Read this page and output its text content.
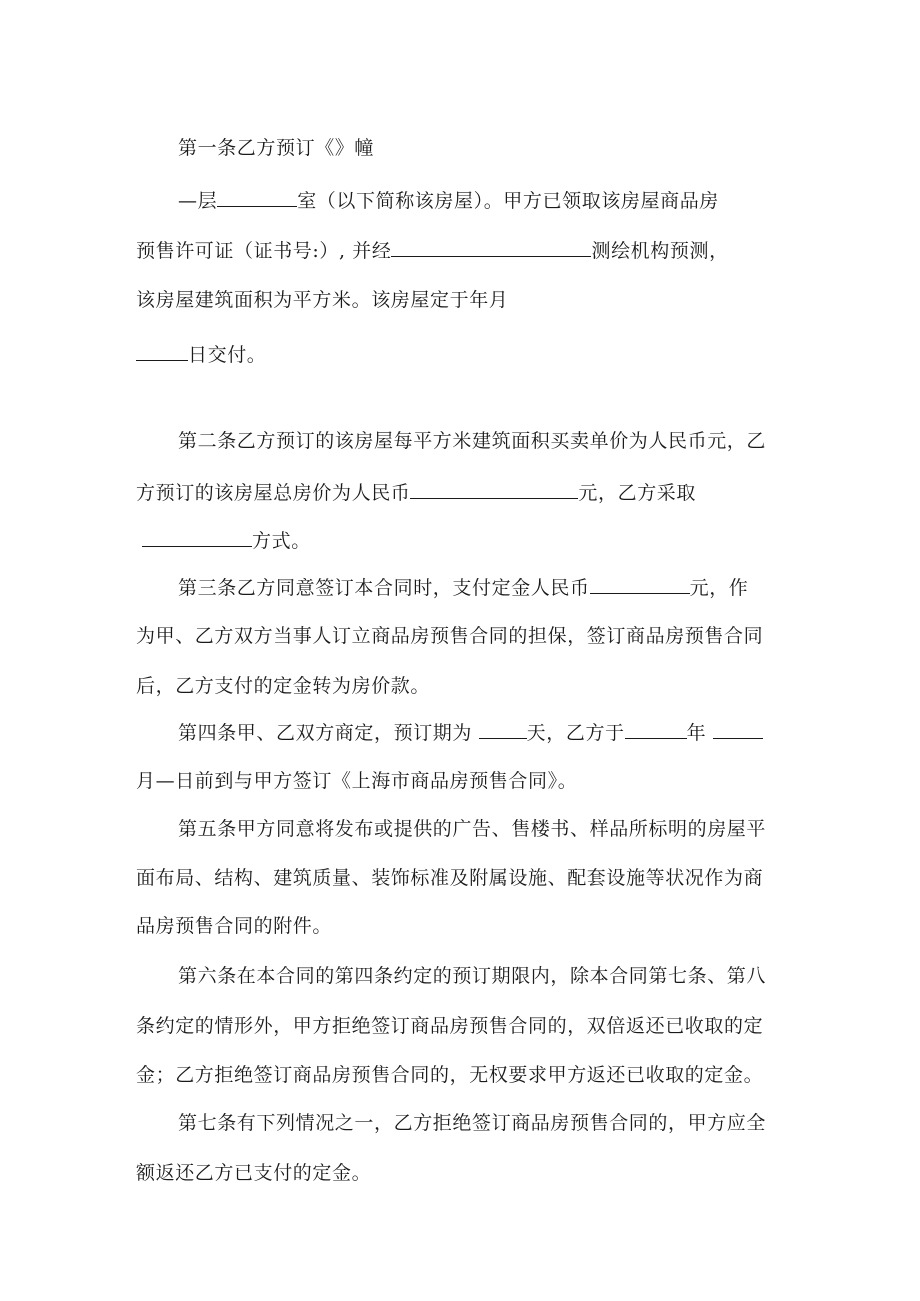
第一条乙方预订《》幢
—层	室（以下简称该房屋）。甲方已领取该房屋商品房
预售许可证（证书号:）, 并经	测绘机构预测，
该房屋建筑面积为平方米。该房屋定于年月
日交付。
第二条乙方预订的该房屋每平方米建筑面积买卖单价为人民币元，乙
方预订的该房屋总房价为人民币	元，乙方采取
方式。
第三条乙方同意签订本合同时，支付定金人民币	元，作
为甲、乙方双方当事人订立商品房预售合同的担保，签订商品房预售合同
后，乙方支付的定金转为房价款。
第四条甲、乙双方商定，预订期为	天，乙方于	年
月—日前到与甲方签订《上海市商品房预售合同》。
第五条甲方同意将发布或提供的广告、售楼书、样品所标明的房屋平
面布局、结构、建筑质量、装饰标准及附属设施、配套设施等状况作为商
品房预售合同的附件。
第六条在本合同的第四条约定的预订期限内，除本合同第七条、第八
条约定的情形外，甲方拒绝签订商品房预售合同的，双倍返还已收取的定
金；乙方拒绝签订商品房预售合同的，无权要求甲方返还已收取的定金。
第七条有下列情况之一，乙方拒绝签订商品房预售合同的，甲方应全
额返还乙方已支付的定金。
